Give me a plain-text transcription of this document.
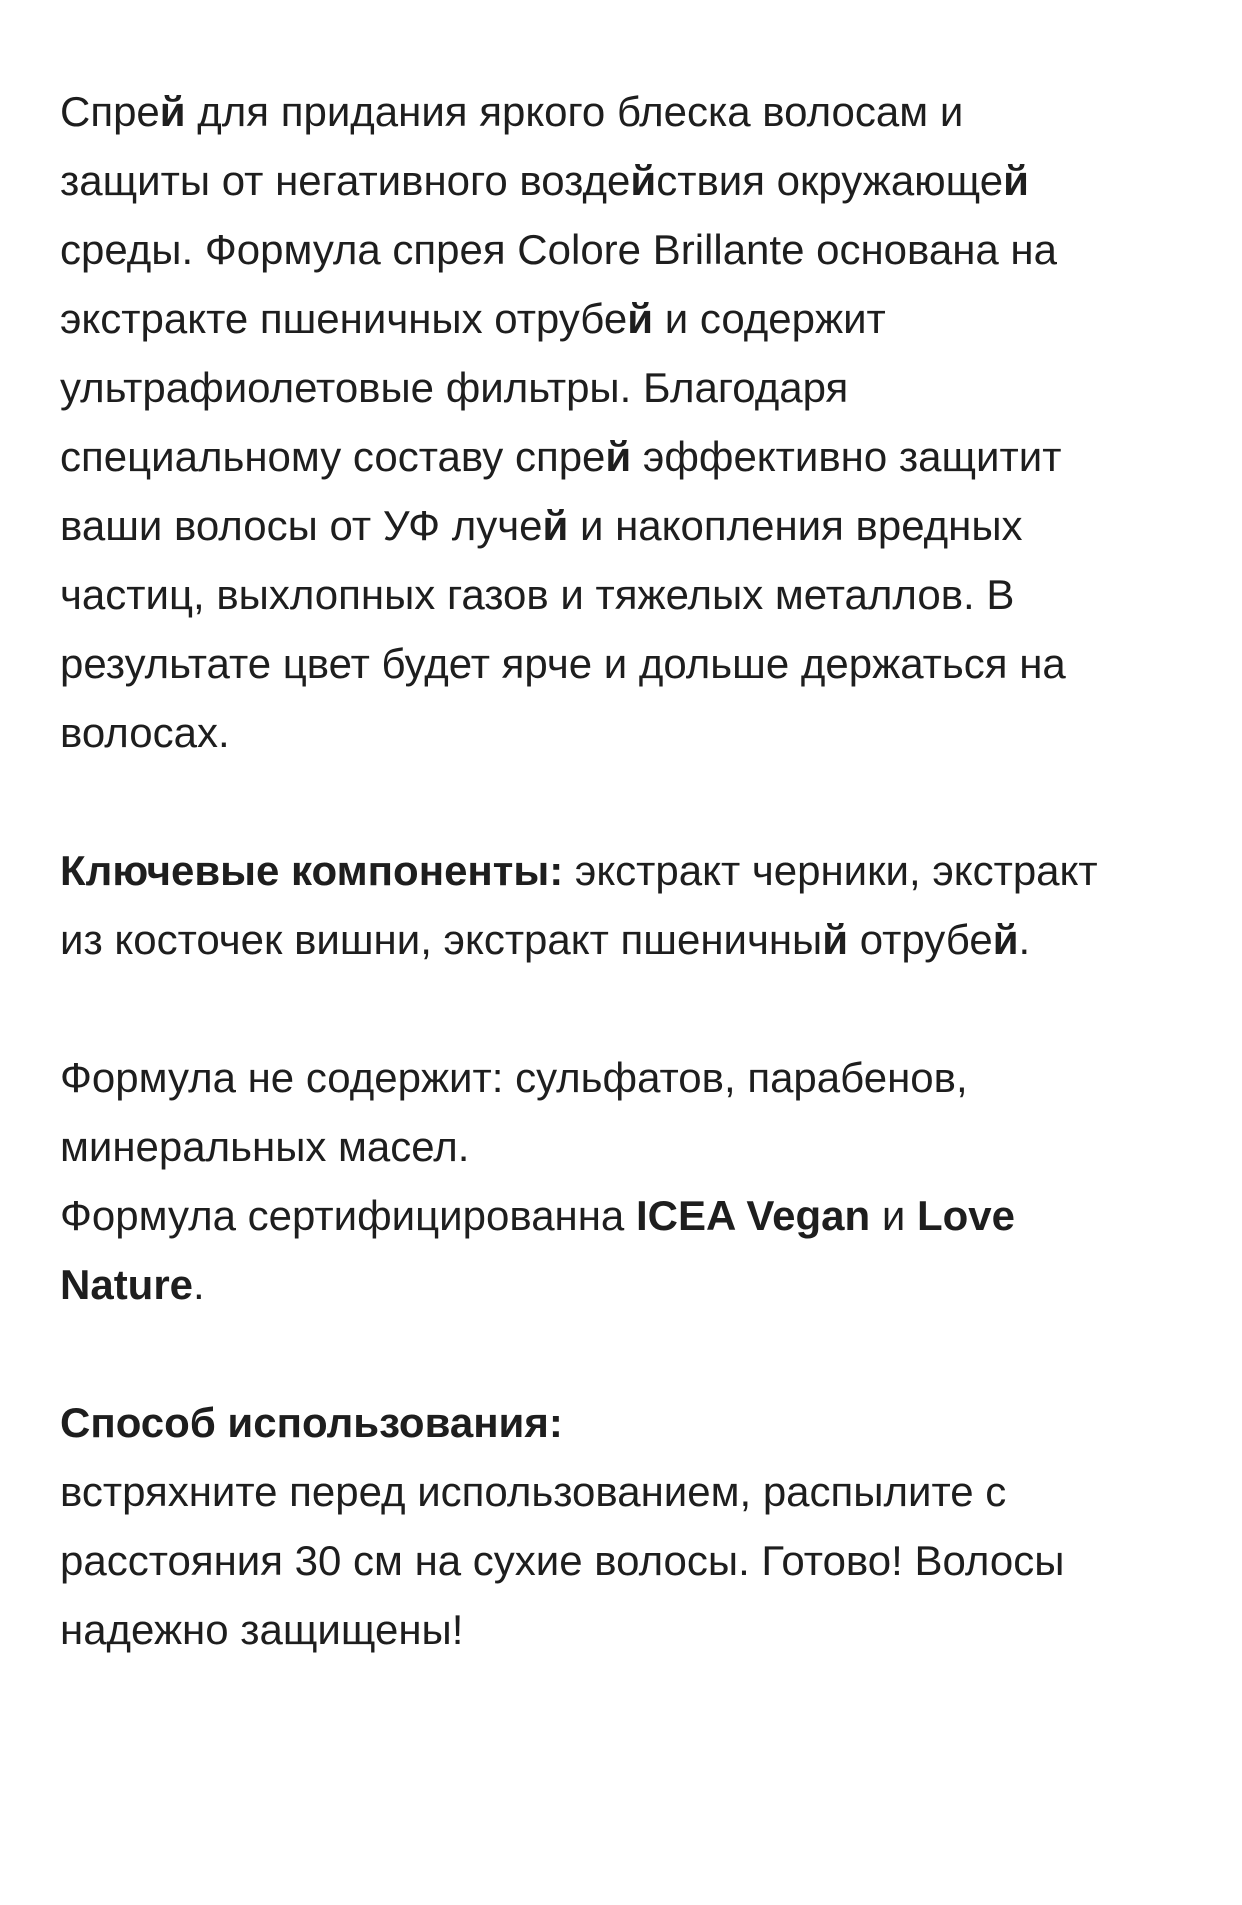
Спрей для придания яркого блеска волосам и
защиты от негативного воздействия окружающей
среды. Формула спрея Colore Brillante основана на
экстракте пшеничных отрубей и содержит
ультрафиолетовые фильтры. Благодаря
специальному составу спрей эффективно защитит
ваши волосы от УФ лучей и накопления вредных
частиц, выхлопных газов и тяжелых металлов. В
результате цвет будет ярче и дольше держаться на
волосах.
Ключевые компоненты: экстракт черники, экстракт
из косточек вишни, экстракт пшеничный отрубей.
Формула не содержит: сульфатов, парабенов,
минеральных масел.
Формула сертифицированна ICEA Vegan и Love
Nature.
Способ использования:
встряхните перед использованием, распылите с
расстояния 30 см на сухие волосы. Готово! Волосы
надежно защищены!
